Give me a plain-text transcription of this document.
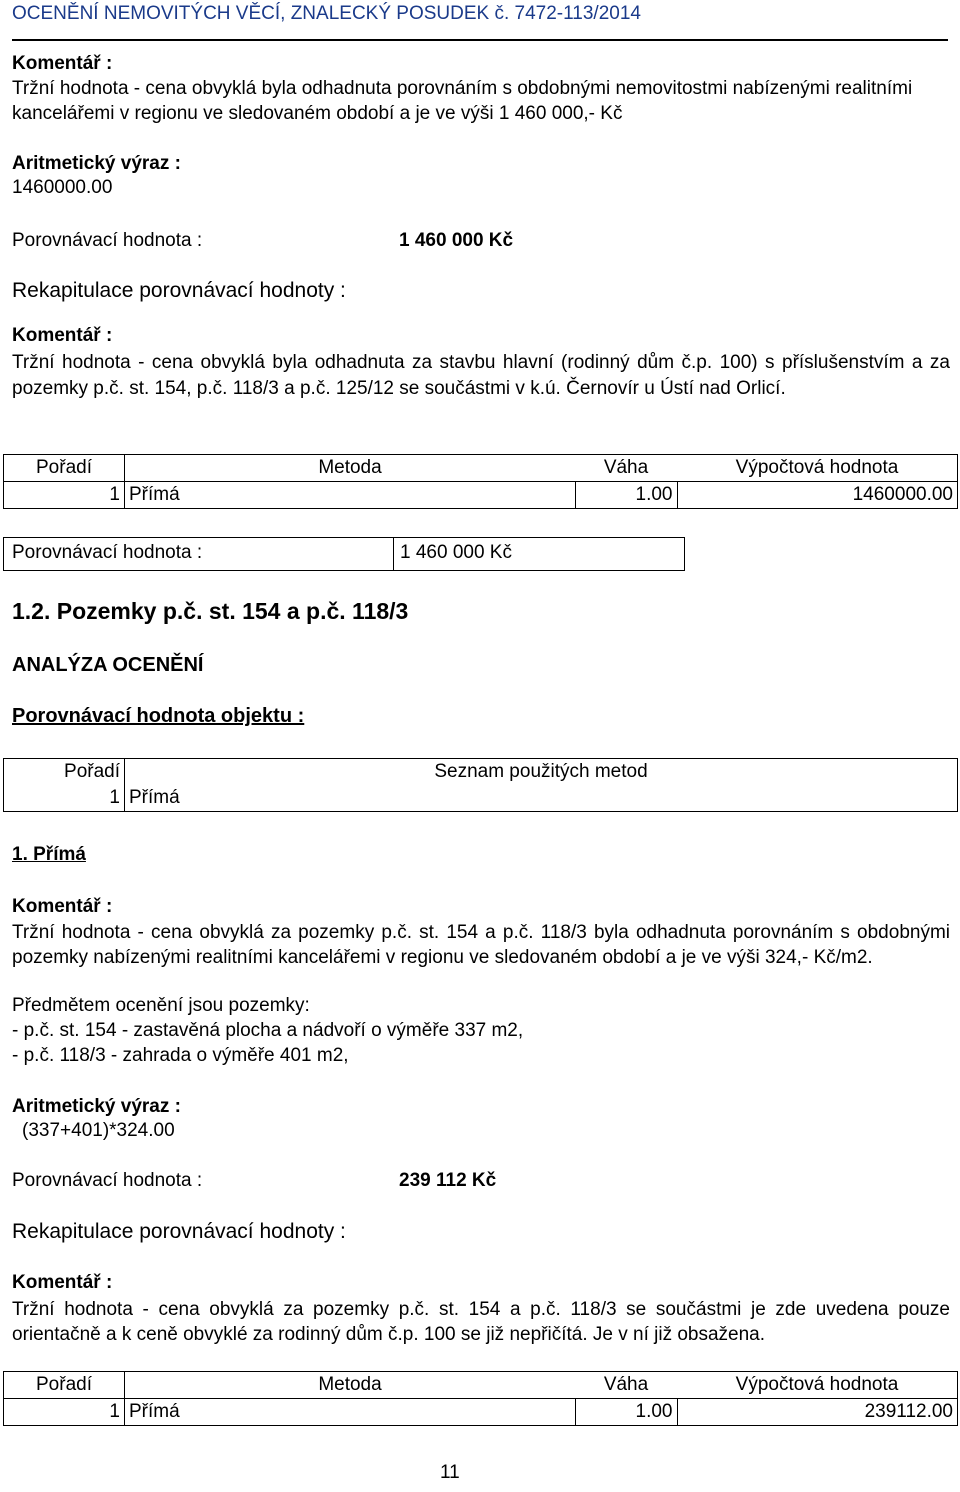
OCENĚNÍ NEMOVITÝCH VĚCÍ, ZNALECKÝ POSUDEK č. 7472-113/2014
Komentář :
Tržní hodnota - cena obvyklá byla odhadnuta porovnáním s obdobnými nemovitostmi nabízenými realitními kancelářemi v regionu ve sledovaném období a je ve výši 1 460 000,- Kč
Aritmetický výraz :
1460000.00
Porovnávací hodnota :	1 460 000 Kč
Rekapitulace porovnávací hodnoty :
Komentář :
Tržní hodnota - cena obvyklá byla odhadnuta za stavbu hlavní (rodinný dům č.p. 100) s příslušenstvím a za pozemky p.č. st. 154, p.č. 118/3 a p.č. 125/12 se součástmi v k.ú. Černovír u Ústí nad Orlicí.
Pořadí	Metoda	Váha	Výpočtová hodnota
1	Přímá	1.00	1460000.00
Porovnávací hodnota :	1 460 000 Kč
1.2. Pozemky p.č. st. 154 a p.č. 118/3
ANALÝZA OCENĚNÍ
Porovnávací hodnota objektu :
Pořadí	Seznam použitých metod
1	Přímá
1. Přímá
Komentář :
Tržní hodnota - cena obvyklá za pozemky p.č. st. 154 a p.č. 118/3 byla odhadnuta porovnáním s obdobnými pozemky nabízenými realitními kancelářemi v regionu ve sledovaném období a je ve výši 324,- Kč/m2.
Předmětem ocenění jsou pozemky:
- p.č. st. 154 - zastavěná plocha a nádvoří o výměře 337 m2,
- p.č. 118/3 - zahrada o výměře 401 m2,
Aritmetický výraz :
(337+401)*324.00
Porovnávací hodnota :	239 112 Kč
Rekapitulace porovnávací hodnoty :
Komentář :
Tržní hodnota - cena obvyklá za pozemky p.č. st. 154 a p.č. 118/3 se součástmi je zde uvedena pouze orientačně a k ceně obvyklé za rodinný dům č.p. 100 se již nepřičítá. Je v ní již obsažena.
Pořadí	Metoda	Váha	Výpočtová hodnota
1	Přímá	1.00	239112.00
11
